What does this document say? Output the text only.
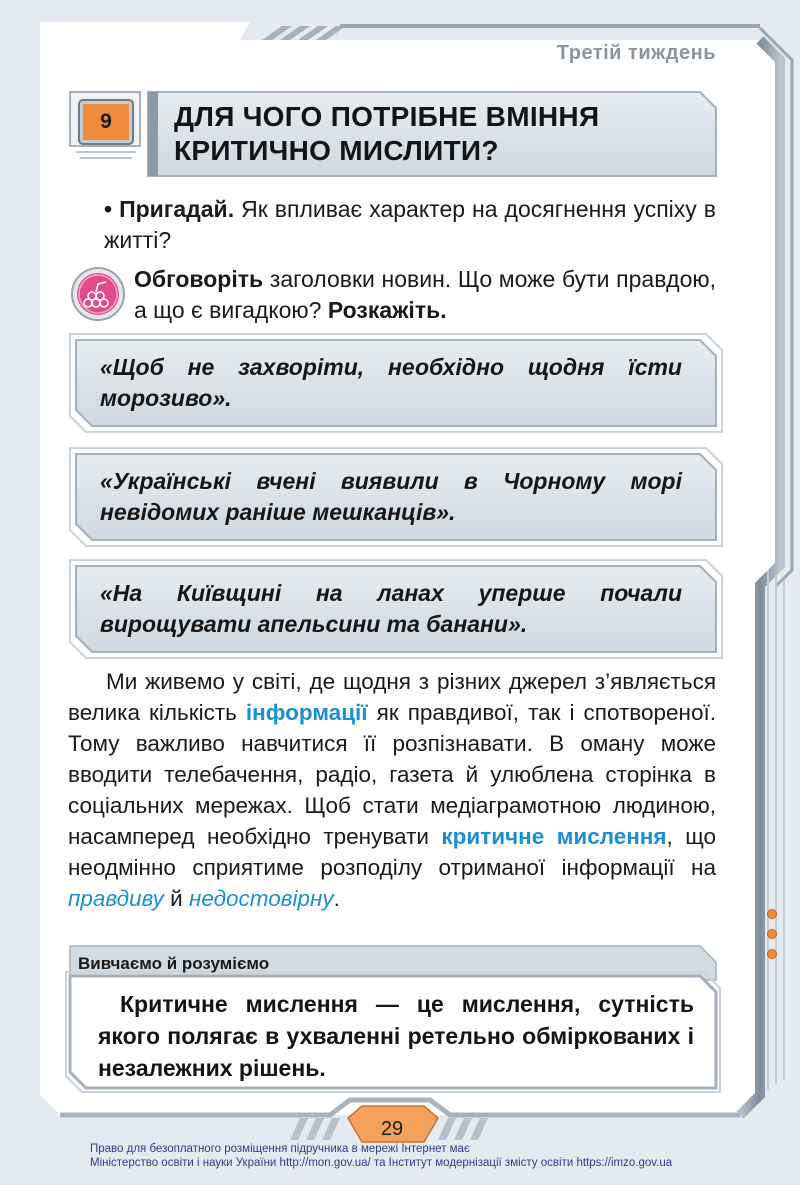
Третій тиждень
9	ДЛЯ ЧОГО ПОТРІБНЕ ВМІННЯ
КРИТИЧНО МИСЛИТИ?
• Пригадай. Як впливає характер на досягнення успіху в житті?
Обговоріть заголовки новин. Що може бути правдою, а що є вигадкою? Розкажіть.
«Щоб не захворіти, необхідно щодня їсти морозиво».
«Українські вчені виявили в Чорному морі невідомих раніше мешканців».
«На Київщині на ланах уперше почали вирощувати апельсини та банани».
Ми живемо у світі, де щодня з різних джерел з’являється велика кількість інформації як правдивої, так і спотвореної. Тому важливо навчитися її розпізнавати. В оману може вводити телебачення, радіо, газета й улюблена сторінка в соціальних мережах. Щоб стати медіаграмотною людиною, насамперед необхідно тренувати критичне мислення, що неодмінно сприятиме розподілу отриманої інформації на правдиву й недостовірну.
Вивчаємо й розуміємо
Критичне мислення — це мислення, сутність якого полягає в ухваленні ретельно обміркованих і незалежних рішень.
29
Право для безоплатного розміщення підручника в мережі Інтернет має
Міністерство освіти і науки України http://mon.gov.ua/ та Інститут модернізації змісту освіти https://imzo.gov.ua
